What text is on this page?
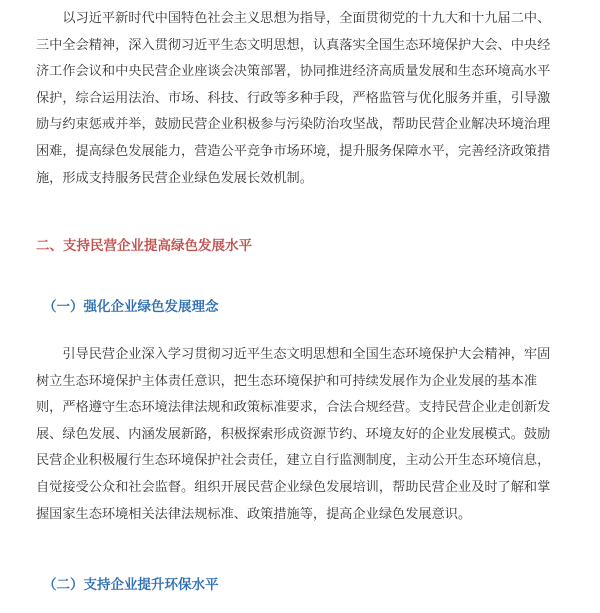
　　以习近平新时代中国特色社会主义思想为指导，全面贯彻党的十九大和十九届二中、
三中全会精神，深入贯彻习近平生态文明思想，认真落实全国生态环境保护大会、中央经
济工作会议和中央民营企业座谈会决策部署，协同推进经济高质量发展和生态环境高水平
保护，综合运用法治、市场、科技、行政等多种手段，严格监管与优化服务并重，引导激
励与约束惩戒并举，鼓励民营企业积极参与污染防治攻坚战，帮助民营企业解决环境治理
困难，提高绿色发展能力，营造公平竞争市场环境，提升服务保障水平，完善经济政策措
施，形成支持服务民营企业绿色发展长效机制。

二、支持民营企业提高绿色发展水平
（一）强化企业绿色发展理念

　　引导民营企业深入学习贯彻习近平生态文明思想和全国生态环境保护大会精神，牢固
树立生态环境保护主体责任意识，把生态环境保护和可持续发展作为企业发展的基本准
则，严格遵守生态环境法律法规和政策标准要求，合法合规经营。支持民营企业走创新发
展、绿色发展、内涵发展新路，积极探索形成资源节约、环境友好的企业发展模式。鼓励
民营企业积极履行生态环境保护社会责任，建立自行监测制度，主动公开生态环境信息，
自觉接受公众和社会监督。组织开展民营企业绿色发展培训，帮助民营企业及时了解和掌
握国家生态环境相关法律法规标准、政策措施等，提高企业绿色发展意识。

（二）支持企业提升环保水平
